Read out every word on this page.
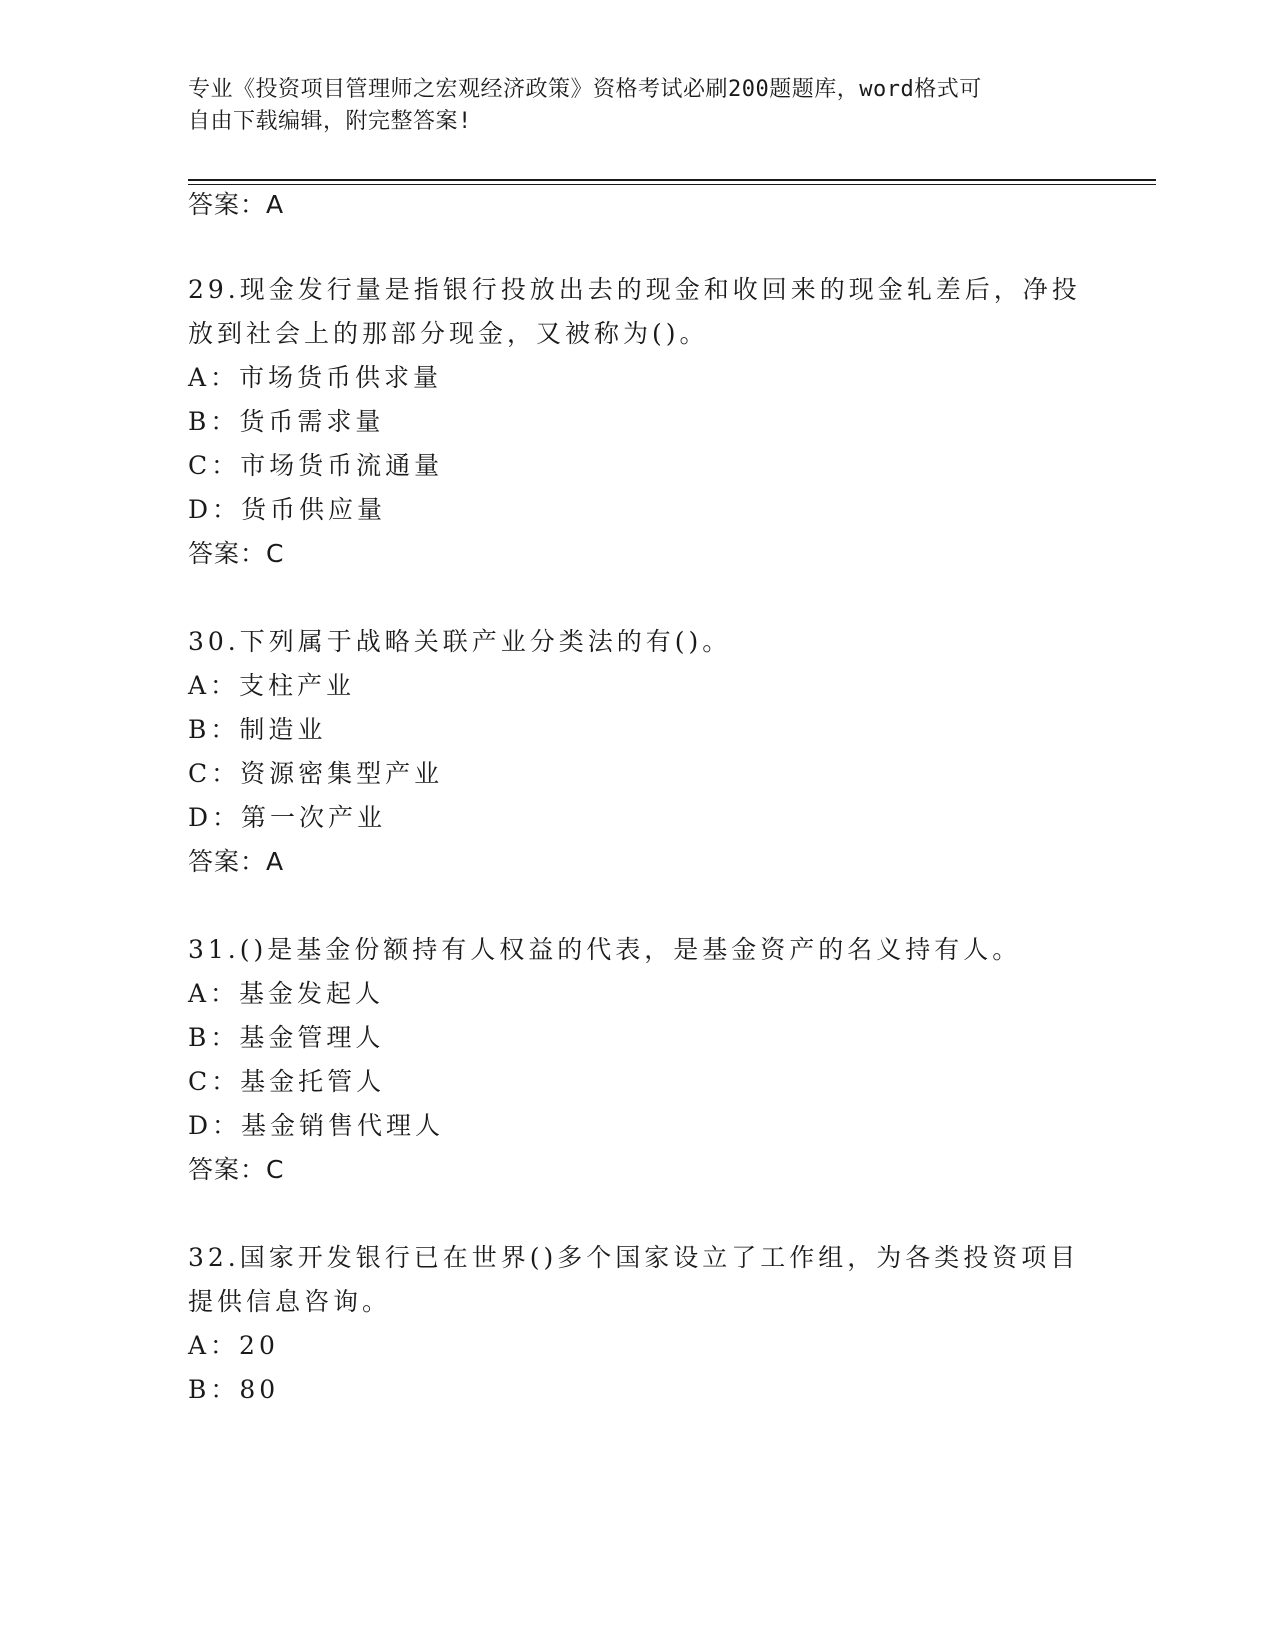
专业《投资项目管理师之宏观经济政策》资格考试必刷200题题库，word格式可
自由下载编辑，附完整答案!
答案：A
29.现金发行量是指银行投放出去的现金和收回来的现金轧差后，净投
放到社会上的那部分现金，又被称为()。
A：市场货币供求量
B：货币需求量
C：市场货币流通量
D：货币供应量
答案：C
30.下列属于战略关联产业分类法的有()。
A：支柱产业
B：制造业
C：资源密集型产业
D：第一次产业
答案：A
31.()是基金份额持有人权益的代表，是基金资产的名义持有人。
A：基金发起人
B：基金管理人
C：基金托管人
D：基金销售代理人
答案：C
32.国家开发银行已在世界()多个国家设立了工作组，为各类投资项目
提供信息咨询。
A：20
B：80
